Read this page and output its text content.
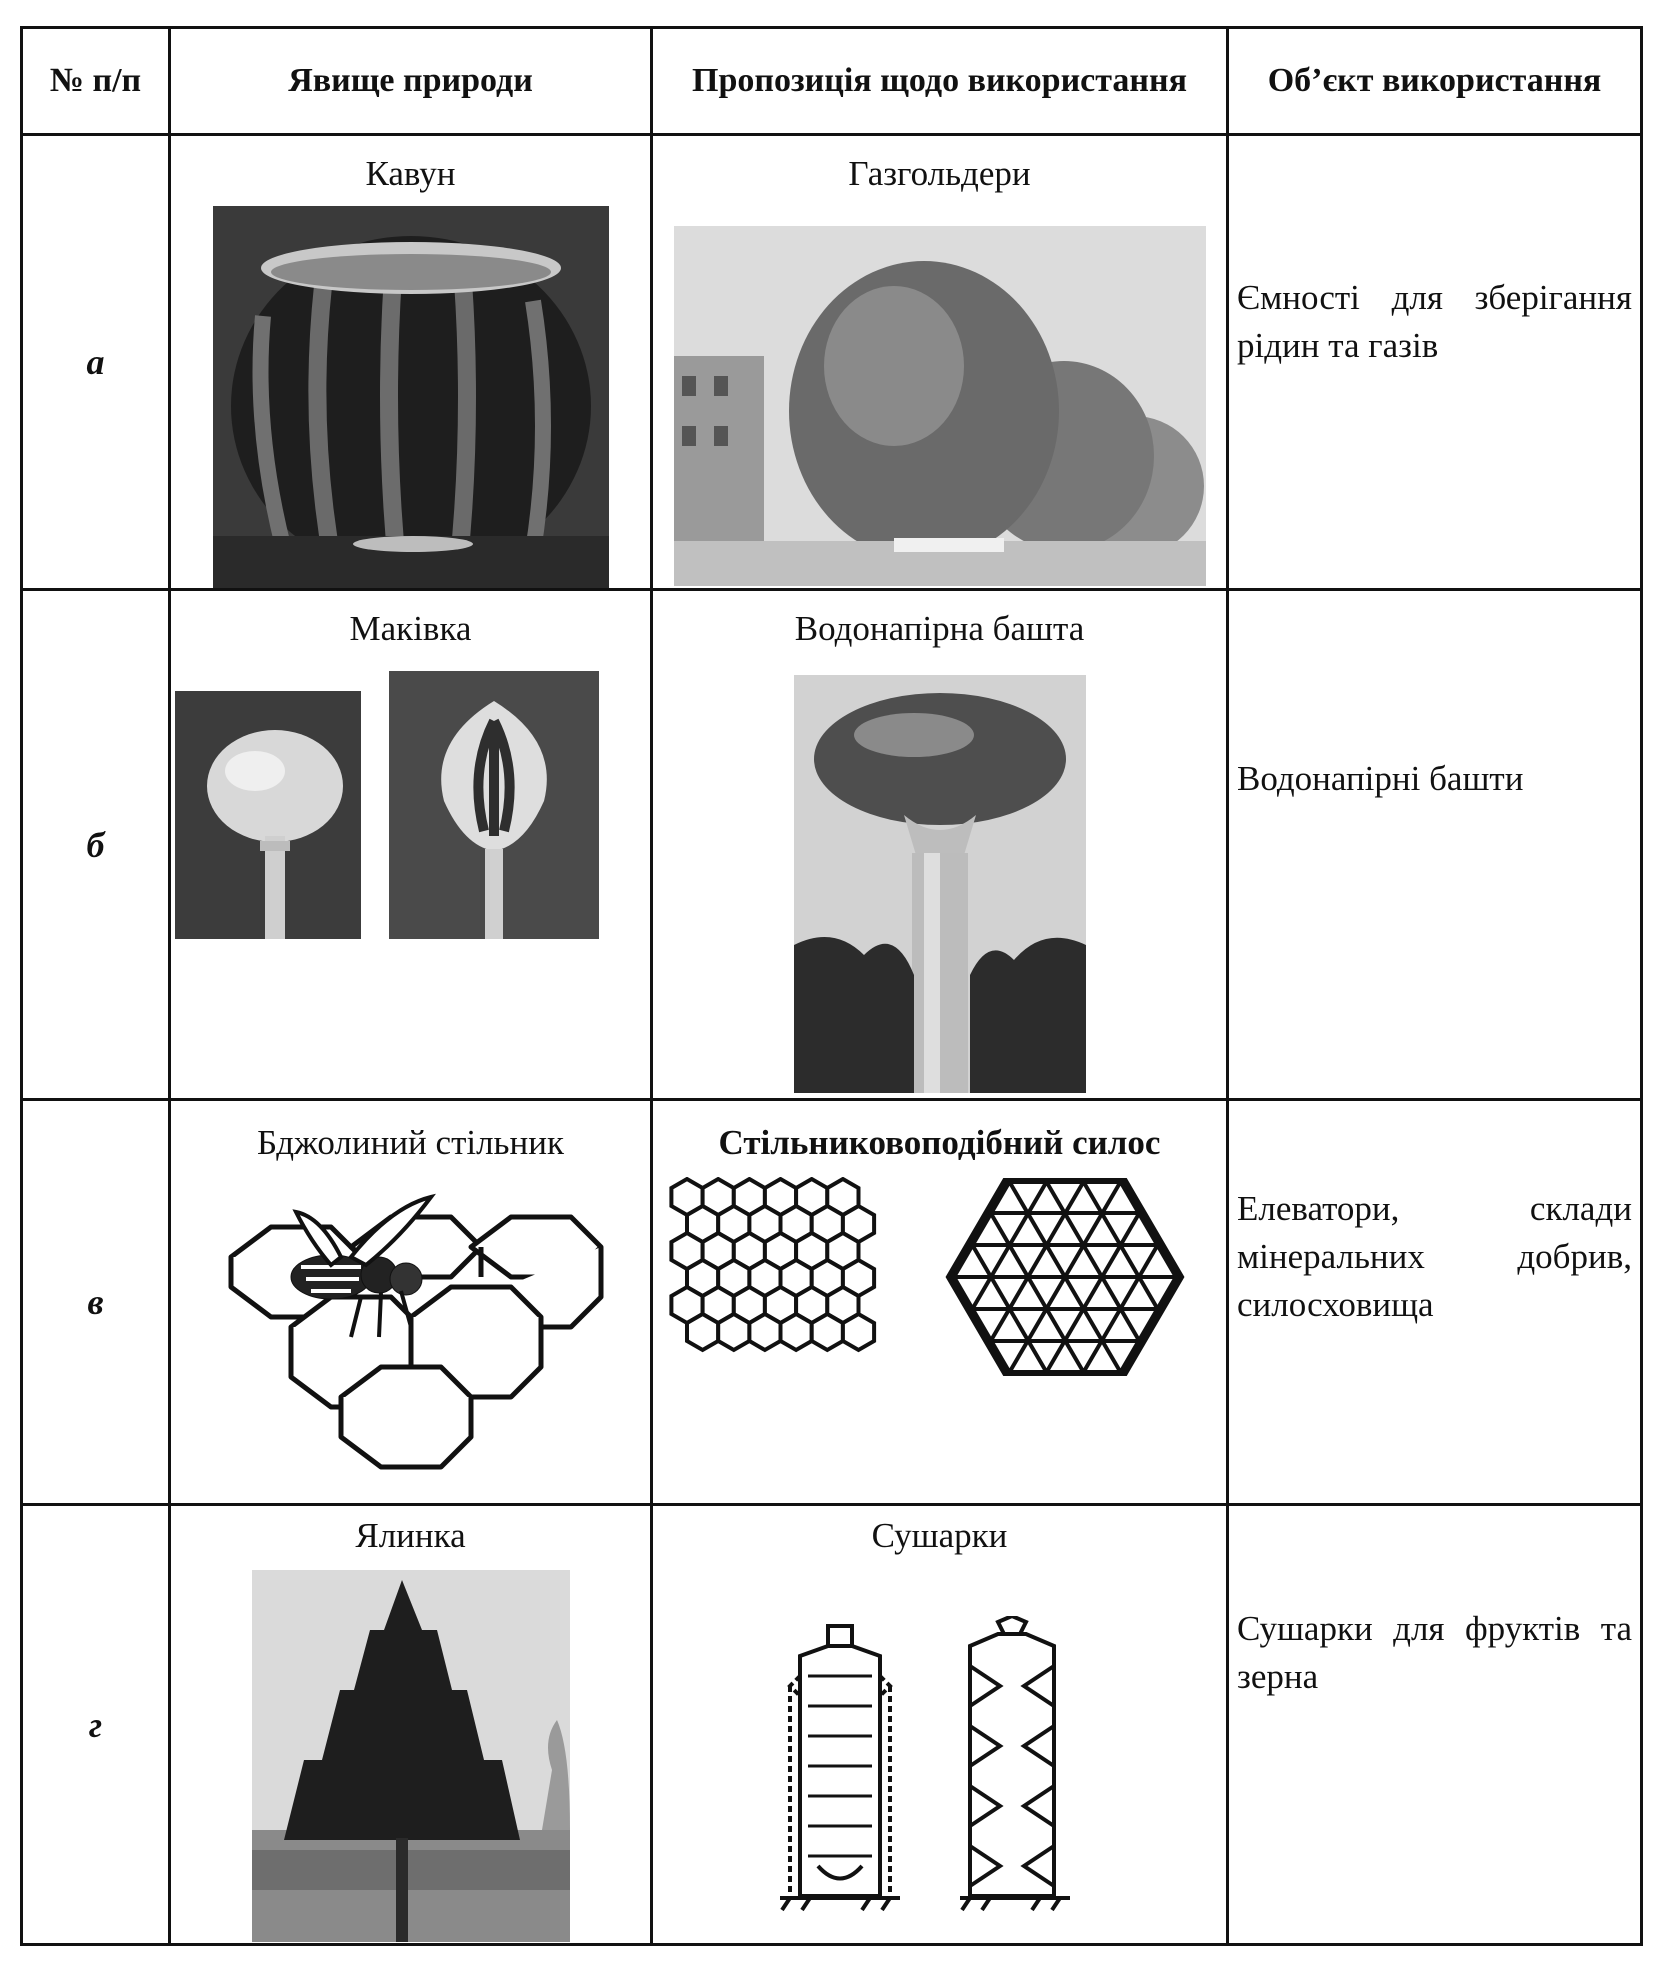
№ п/п	Явище природи	Пропозиція щодо використання	Об’єкт використання
а	Кавун	Газгольдери	Ємності для зберігання рідин та газів

б	Маківка	Водонапірна башта	Водонапірні башти

в	Бджолиний стільник	Стільниковоподібний силос	Елеватори, склади мінеральних добрив, силосховища

г	Ялинка	Сушарки	Сушарки для фруктів та зерна
